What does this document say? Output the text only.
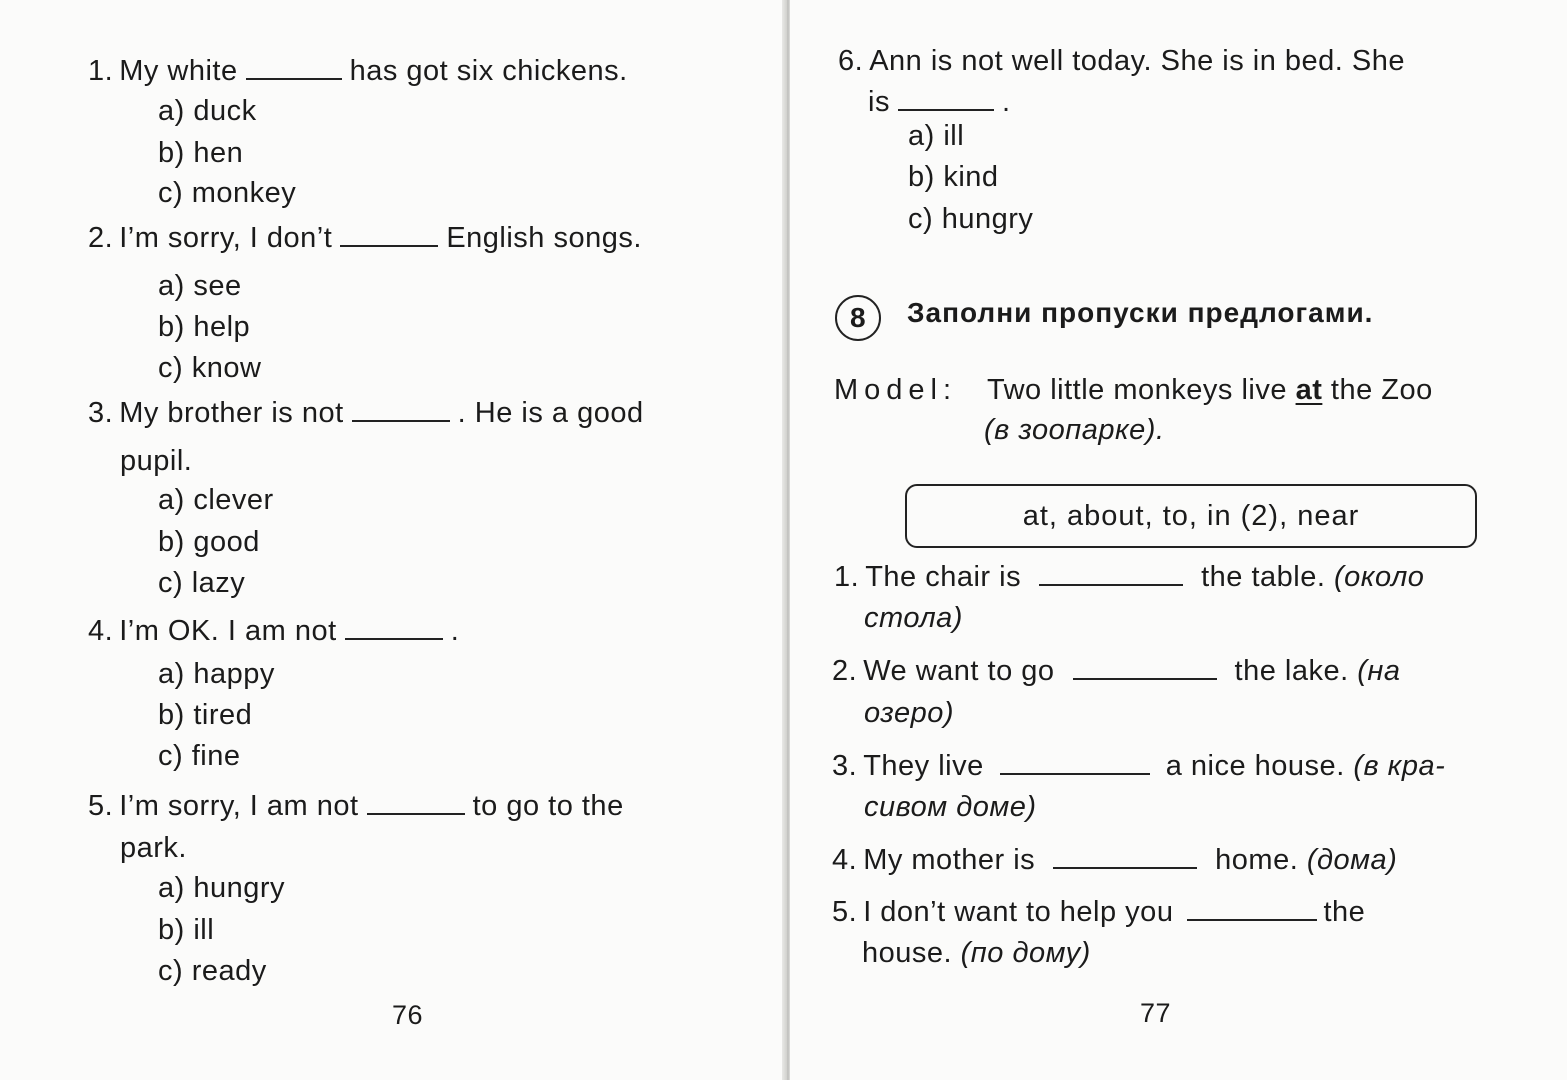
1. My white	has got six chickens.
a) duck
b) hen
c) monkey
2. I’m sorry, I don’t	English songs.
a) see
b) help
c) know
3. My brother is not	. He is a good
pupil.
a) clever
b) good
c) lazy
4. I’m OK. I am not	.
a) happy
b) tired
c) fine
5. I’m sorry, I am not	to go to the
park.
a) hungry
b) ill
c) ready
76
6. Ann is not well today. She is in bed. She
is	.
a) ill
b) kind
c) hungry
8	Заполни пропуски предлогами.
Model: Two little monkeys live at the Zoo
(в зоопарке).
at, about, to, in (2), near
1. The chair is	the table. (около
стола)
2. We want to go	the lake. (на
озеро)
3. They live	a nice house. (в кра-
сивом доме)
4. My mother is	home. (дома)
5. I don’t want to help you	the
house. (по дому)
77
